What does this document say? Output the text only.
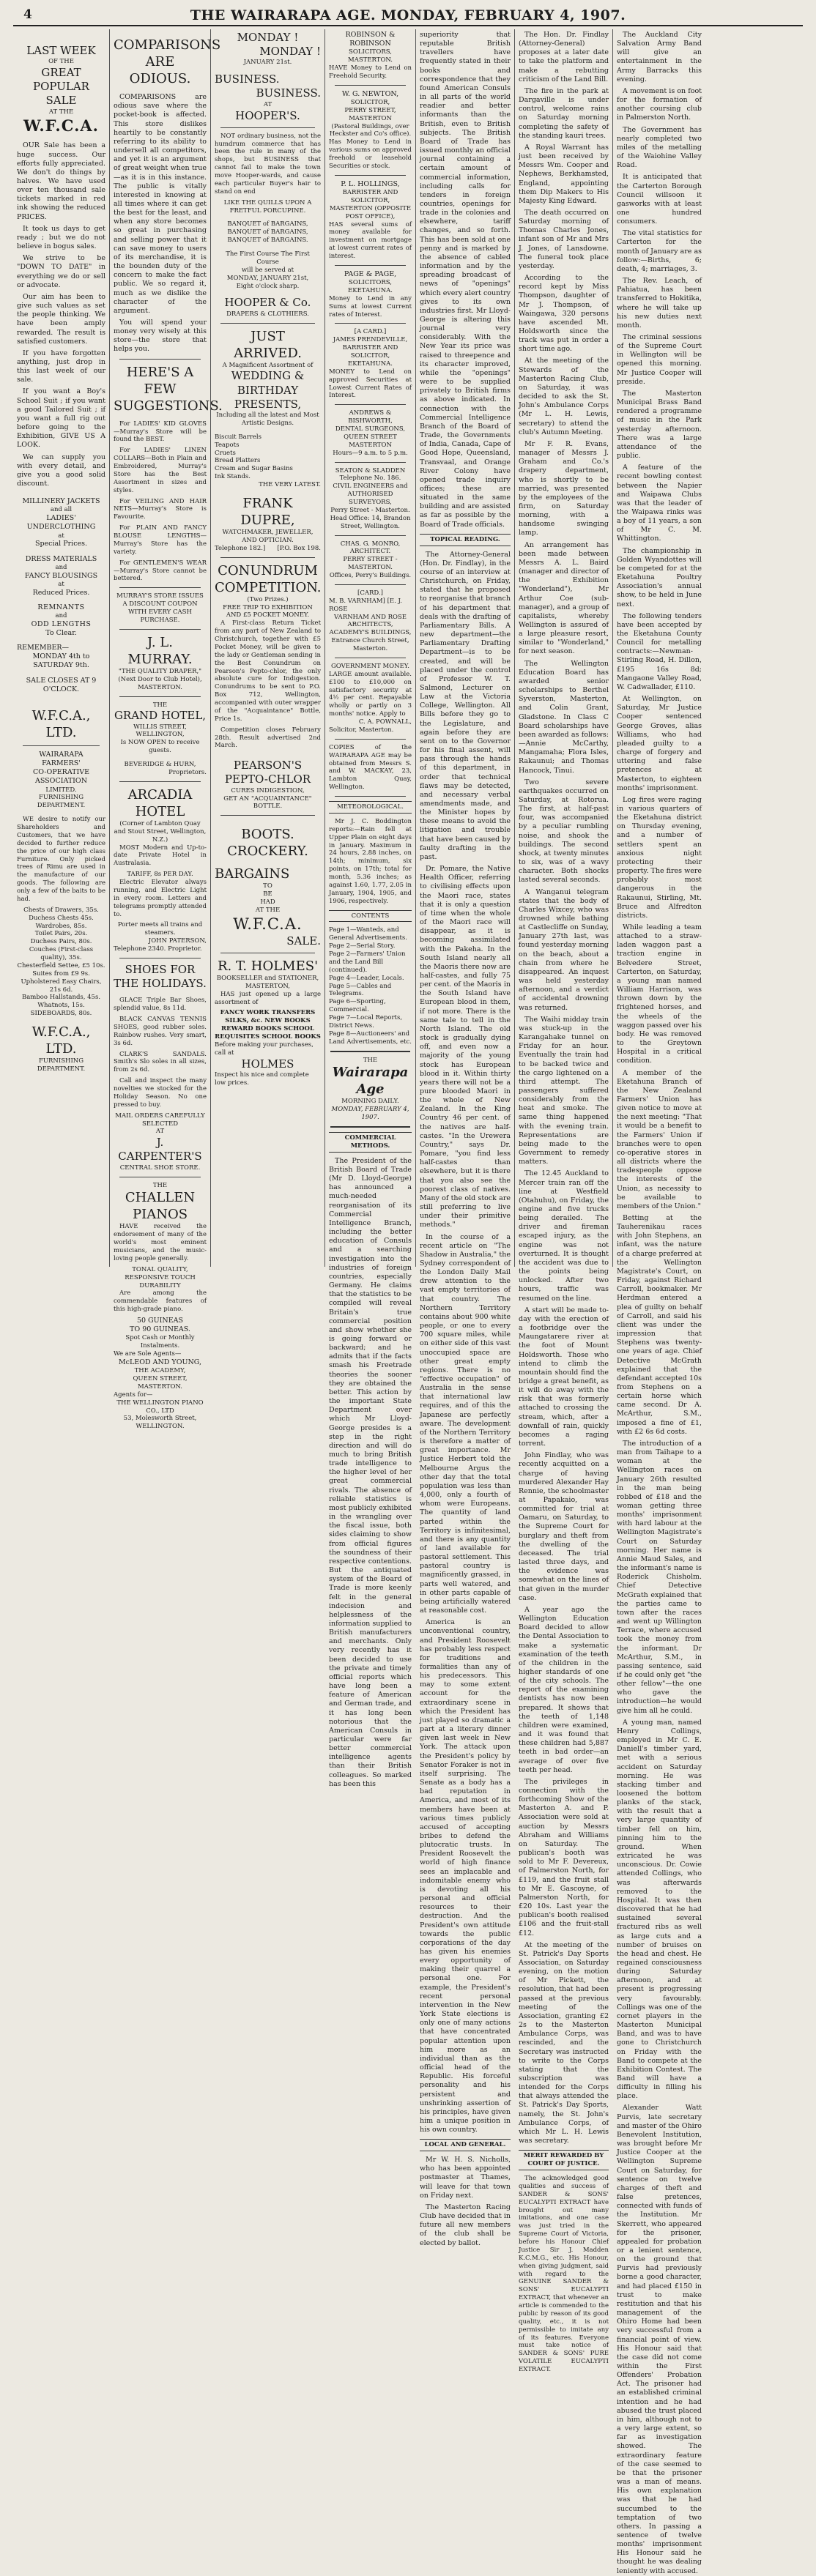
4	THE WAIRARAPA AGE. MONDAY, FEBRUARY 4, 1907.
LAST WEEK
OF THE
GREAT POPULAR
SALE
AT THE
W.F.C.A.

OUR Sale has been a huge success. Our efforts fully appreciated. We don't do things by halves. We have used over ten thousand sale tickets marked in red ink showing the reduced PRICES.

It took us days to get ready ; but we do not believe in bogus sales.

We strive to be "DOWN TO DATE" in everything we do or sell or advocate.

Our aim has been to give such values as set the people thinking. We have been amply rewarded. The result is satisfied customers.

If you have forgotten anything, just drop in this last week of our sale.

If you want a Boy's School Suit ; if you want a good Tailored Suit ; if you want a full rig out before going to the Exhibition, GIVE US A LOOK.

We can supply you with every detail, and give you a good solid discount.

MILLINERY JACKETS
and all
LADIES' UNDERCLOTHING
at
Special Prices.
DRESS MATERIALS
and
FANCY BLOUSINGS
at
Reduced Prices.
REMNANTS
and
ODD LENGTHS
To Clear.
REMEMBER—
MONDAY 4th to SATURDAY 9th.
SALE CLOSES AT 9 O'CLOCK.
W.F.C.A., LTD.
WAIRARAPA
FARMERS'
CO-OPERATIVE
ASSOCIATION
LIMITED.
FURNISHING DEPARTMENT.

WE desire to notify our Shareholders and Customers, that we have decided to further reduce the price of our high class Furniture. Only picked trees of Rimu are used in the manufacture of our goods. The following are only a few of the baits to be had.

Chests of Drawers, 35s.
Duchess Chests 45s.
Wardrobes, 85s.
Toilet Pairs, 20s.
Duchess Pairs, 80s.
Couches (First-class quality), 35s.
Chesterfield Settee, £5 10s.
Suites from £9 9s.
Upholstered Easy Chairs, 21s 6d.
Bamboo Hallstands, 45s.
Whatnots, 15s.
SIDEBOARDS, 80s.
W.F.C.A., LTD.
FURNISHING DEPARTMENT.
COMPARISONS ARE ODIOUS.

COMPARISONS are odious save where the pocket-book is affected. This store dislikes heartily to be constantly referring to its ability to undersell all competitors, and yet it is an argument of great weight when true—as it is in this instance. The public is vitally interested in knowing at all times where it can get the best for the least, and when any store becomes so great in purchasing and selling power that it can save money to users of its merchandise, it is the bounden duty of the concern to make the fact public. We so regard it, much as we dislike the character of the argument.

You will spend your money very wisely at this store—the store that helps you.

HERE'S A FEW SUGGESTIONS.

For LADIES' KID GLOVES—Murray's Store will be found the BEST.

For LADIES' LINEN COLLARS—Both in Plain and Embroidered, Murray's Store has the Best Assortment in sizes and styles.

For VEILING AND HAIR NETS—Murray's Store is Favourite.

For PLAIN AND FANCY BLOUSE LENGTHS—Murray's Store has the variety.

For GENTLEMEN'S WEAR—Murray's Store cannot be bettered.

MURRAY'S STORE ISSUES A DISCOUNT COUPON WITH EVERY CASH PURCHASE.
J. L. MURRAY.
"THE QUALITY DRAPER,"
(Next Door to Club Hotel),
MASTERTON.
THE
GRAND HOTEL,
WILLIS STREET, WELLINGTON,
Is NOW OPEN to receive guests.
BEVERIDGE & HURN,
Proprietors.
ARCADIA HOTEL
(Corner of Lambton Quay and Stout Street, Wellington, N.Z.)

MOST Modern and Up-to-date Private Hotel in Australasia.

TARIFF, 8s PER DAY.

Electric Elevator always running, and Electric Light in every room. Letters and telegrams promptly attended to.

Porter meets all trains and steamers.
JOHN PATERSON,
Telephone 2340. Proprietor.
SHOES FOR THE HOLIDAYS.

GLACE Triple Bar Shoes, splendid value, 8s 11d.

BLACK CANVAS TENNIS SHOES, good rubber soles. Rainbow rushes. Very smart, 3s 6d.

CLARK'S SANDALS. Smith's Slo soles in all sizes, from 2s 6d.

Call and inspect the many novelties we stocked for the Holiday Season. No one pressed to buy.

MAIL ORDERS CAREFULLY SELECTED
AT
J. CARPENTER'S
CENTRAL SHOE STORE.
THE
CHALLEN
PIANOS

HAVE received the endorsement of many of the world's most eminent musicians, and the music-loving people generally.

TONAL QUALITY, RESPONSIVE TOUCH DURABILITY

Are among the commendable features of this high-grade piano.

50 GUINEAS
TO 90 GUINEAS.
Spot Cash or Monthly Instalments.
We are Sole Agents—
McLEOD AND YOUNG,
THE ACADEMY,
QUEEN STREET, MASTERTON.
Agents for—
THE WELLINGTON PIANO CO., LTD
53, Molesworth Street,
WELLINGTON.
MONDAY !
MONDAY !
JANUARY 21st.
BUSINESS.
BUSINESS.
AT
HOOPER'S.

NOT ordinary business, not the humdrum commerce that has been the rule in many of the shops, but BUSINESS that cannot fail to make the town move Hooper-wards, and cause each particular Buyer's hair to stand on end

LIKE THE QUILLS UPON A FRETFUL PORCUPINE.
BANQUET of BARGAINS, BANQUET of BARGAINS, BANQUET of BARGAINS.
The First Course The First Course
will be served at
MONDAY, JANUARY 21st,
Eight o'clock sharp.
HOOPER & Co.
DRAPERS & CLOTHIERS.
JUST ARRIVED.
A Magnificent Assortment of
WEDDING & BIRTHDAY PRESENTS,
Including all the latest and Most Artistic Designs.
Biscuit Barrels
Teapots
Cruets
Bread Platters
Cream and Sugar Basins
Ink Stands.
THE VERY LATEST.
FRANK DUPRE,
WATCHMAKER, JEWELLER, AND OPTICIAN.
Telephone 182.] [P.O. Box 198.
CONUNDRUM
COMPETITION.
(Two Prizes.)
FREE TRIP TO EXHIBITION AND £5 POCKET MONEY.

A First-class Return Ticket from any part of New Zealand to Christchurch, together with £5 Pocket Money, will be given to the lady or Gentleman sending in the Best Conundrum on Pearson's Pepto-chlor, the only absolute cure for Indigestion. Conundrums to be sent to P.O. Box 712, Wellington, accompanied with outer wrapper of the "Acquaintance" Bottle, Price 1s.

Competition closes February 28th. Result advertised 2nd March.

PEARSON'S
PEPTO-CHLOR
CURES INDIGESTION,
GET AN "ACQUAINTANCE" BOTTLE.
BOOTS.
CROCKERY.
BARGAINS
TO
BE
HAD
AT THE
W.F.C.A.
SALE.
R. T. HOLMES'
BOOKSELLER and STATIONER,
MASTERTON,

HAS just opened up a large assortment of

FANCY WORK TRANSFERS SILKS, &c. NEW BOOKS REWARD BOOKS SCHOOL REQUISITES SCHOOL BOOKS
Before making your purchases, call at
HOLMES
Inspect his nice and complete low prices.
ROBINSON & ROBINSON
SOLICITORS,
MASTERTON.
HAVE Money to Lend on Freehold Security.
W. G. NEWTON,
SOLICITOR,
PERRY STREET, MASTERTON
(Pastoral Buildings, over Heckster and Co's office).
Has Money to Lend in various sums on approved freehold or leasehold Securities or stock.
P. L. HOLLINGS,
BARRISTER AND SOLICITOR,
MASTERTON (OPPOSITE POST OFFICE),
HAS several sums of money available for investment on mortgage at lowest current rates of interest.
PAGE & PAGE,
SOLICITORS, EKETAHUNA.
Money to Lend in any Sums at lowest Current rates of Interest.
[A CARD.]
JAMES PRENDEVILLE,
BARRISTER AND SOLICITOR,
EKETAHUNA.
MONEY to Lend on approved Securities at Lowest Current Rates of Interest.
ANDREWS & BISHWORTH,
DENTAL SURGEONS,
QUEEN STREET MASTERTON
Hours—9 a.m. to 5 p.m.
SEATON & SLADDEN
Telephone No. 186.
CIVIL ENGINEERS and AUTHORISED SURVEYORS,
Perry Street - Masterton.
Head Office: 14, Brandon Street, Wellington.
CHAS. G. MONRO,
ARCHITECT.
PERRY STREET - MASTERTON.
Offices, Perry's Buildings.
[CARD.]
M. B. VARNHAM] [E. J. ROSE
VARNHAM AND ROSE
ARCHITECTS,
ACADEMY'S BUILDINGS,
Entrance Church Street, Masterton.
GOVERNMENT MONEY.
LARGE amount available. £100 to £10,000 on satisfactory security at 4½ per cent. Repayable wholly or partly on 3 months' notice. Apply to
C. A. POWNALL,
Solicitor, Masterton.
COPIES of the WAIRARAPA AGE may be obtained from Messrs S. and W. MACKAY, 23, Lambton Quay, Wellington.
METEOROLOGICAL.

Mr J. C. Boddington reports:—Rain fell at Upper Plain on eight days in January. Maximum in 24 hours, 2.88 inches, on 14th; minimum, six points, on 17th; total for month, 5.36 inches; as against 1.60, 1.77, 2.05 in January, 1904, 1905, and 1906, respectively.

CONTENTS
Page 1—Wanteds, and General Advertisements.
Page 2—Serial Story.
Page 2—Farmers' Union and the Land Bill (continued).
Page 4—Leader, Locals.
Page 5—Cables and Telegrams.
Page 6—Sporting, Commercial.
Page 7—Local Reports, District News.
Page 8—Auctioneers' and Land Advertisements, etc.
THE
Wairarapa Age
MORNING DAILY.
MONDAY, FEBRUARY 4, 1907.
COMMERCIAL METHODS.

The President of the British Board of Trade (Mr D. Lloyd-George) has announced a much-needed reorganisation of its Commercial Intelligence Branch, including the better education of Consuls and a searching investigation into the industries of foreign countries, especially Germany. He claims that the statistics to be compiled will reveal Britain's true commercial position and show whether she is going forward or backward; and he admits that if the facts smash his Freetrade theories the sooner they are obtained the better. This action by the important State Department over which Mr Lloyd-George presides is a step in the right direction and will do much to bring British trade intelligence to the higher level of her great commercial rivals. The absence of reliable statistics is most publicly exhibited in the wrangling over the fiscal issue, both sides claiming to show from official figures the soundness of their respective contentions. But the antiquated system of the Board of Trade is more keenly felt in the general indecision and helplessness of the information supplied to British manufacturers and merchants. Only very recently has it been decided to use the private and timely official reports which have long been a feature of American and German trade, and it has long been notorious that the American Consuls in particular were far better commercial intelligence agents than their British colleagues. So marked has been this

superiority that reputable British travellers have frequently stated in their books and correspondence that they found American Consuls in all parts of the world readier and better informants than the British, even to British subjects. The British Board of Trade has issued monthly an official journal containing a certain amount of commercial information, including calls for tenders in foreign countries, openings for trade in the colonies and elsewhere, tariff changes, and so forth. This has been sold at one penny and is marked by the absence of cabled information and by the spreading broadcast of news of "openings" which every alert country gives to its own industries first. Mr Lloyd-George is altering this journal very considerably. With the New Year its price was raised to threepence and its character improved, while the "openings" were to be supplied privately to British firms as above indicated. In connection with the Commercial Intelligence Branch of the Board of Trade, the Governments of India, Canada, Cape of Good Hope, Queensland, Transvaal, and Orange River Colony have opened trade inquiry offices; these are situated in the same building and are assisted as far as possible by the Board of Trade officials.

TOPICAL READING.

The Attorney-General (Hon. Dr. Findlay), in the course of an interview at Christchurch, on Friday, stated that he proposed to reorganise that branch of his department that deals with the drafting of Parliamentary Bills. A new department—the Parliamentary Drafting Department—is to be created, and will be placed under the control of Professor W. T. Salmond, Lecturer on Law at the Victoria College, Wellington. All Bills before they go to the Legislature, and again before they are sent on to the Governor for his final assent, will pass through the hands of this department, in order that technical flaws may be detected, and necessary verbal amendments made, and the Minister hopes by these means to avoid the litigation and trouble that have been caused by faulty drafting in the past.

Dr. Pomare, the Native Health Officer, referring to civilising effects upon the Maori race, states that it is only a question of time when the whole of the Maori race will disappear, as it is becoming assimilated with the Pakeha. In the South Island nearly all the Maoris there now are half-castes, and fully 75 per cent. of the Maoris in the South Island have European blood in them, if not more. There is the same tale to tell in the North Island. The old stock is gradually dying off, and even now a majority of the young stock has European blood in it. Within thirty years there will not be a pure blooded Maori in the whole of New Zealand. In the King Country 46 per cent. of the natives are half-castes. "In the Urewera Country," says Dr. Pomare, "you find less half-castes than elsewhere, but it is there that you also see the poorest class of natives. Many of the old stock are still preferring to live under their primitive methods."

In the course of a recent article on "The Shadow in Australia," the Sydney correspondent of the London Daily Mail drew attention to the vast empty territories of that country. The Northern Territory contains about 900 white people, or one to every 700 square miles, while on either side of this vast unoccupied space are other great empty regions. There is no "effective occupation" of Australia in the sense that international law requires, and of this the Japanese are perfectly aware. The development of the Northern Territory is therefore a matter of great importance. Mr Justice Herbert told the Melbourne Argus the other day that the total population was less than 4,000, only a fourth of whom were Europeans. The quantity of land parted within the Territory is infinitesimal, and there is any quantity of land available for pastoral settlement. This pastoral country is magnificently grassed, in parts well watered, and in other parts capable of being artificially watered at reasonable cost.

America is an unconventional country, and President Roosevelt has probably less respect for traditions and formalities than any of his predecessors. This may to some extent account for the extraordinary scene in which the President has just played so dramatic a part at a literary dinner given last week in New York. The attack upon the President's policy by Senator Foraker is not in itself surprising. The Senate as a body has a bad reputation in America, and most of its members have been at various times publicly accused of accepting bribes to defend the plutocratic trusts. In President Roosevelt the world of high finance sees an implacable and indomitable enemy who is devoting all his personal and official resources to their destruction. And the President's own attitude towards the public corporations of the day has given his enemies every opportunity of making their quarrel a personal one. For example, the President's recent personal intervention in the New York State elections is only one of many actions that have concentrated popular attention upon him more as an individual than as the official head of the Republic. His forceful personality and his persistent and unshrinking assertion of his principles, have given him a unique position in his own country.

LOCAL AND GENERAL.

Mr W. H. S. Nicholls, who has been appointed postmaster at Thames, will leave for that town on Friday next.

The Masterton Racing Club have decided that in future all new members of the club shall be elected by ballot.

The Hon. Dr. Findlay (Attorney-General) proposes at a later date to take the platform and make a rebutting criticism of the Land Bill.

The fire in the park at Dargaville is under control, welcome rains on Saturday morning completing the safety of the standing kauri trees.

A Royal Warrant has just been received by Messrs Wm. Cooper and Nephews, Berkhamsted, England, appointing them Dip Makers to His Majesty King Edward.

The death occurred on Saturday morning of Thomas Charles Jones, infant son of Mr and Mrs J. Jones, of Lansdowne. The funeral took place yesterday.

According to the record kept by Miss Thompson, daughter of Mr J. Thompson, of Waingawa, 320 persons have ascended Mt. Holdsworth since the track was put in order a short time ago.

At the meeting of the Stewards of the Masterton Racing Club, on Saturday, it was decided to ask the St. John's Ambulance Corps (Mr L. H. Lewis, secretary) to attend the club's Autumn Meeting.

Mr F. R. Evans, manager of Messrs J. Graham and Co.'s drapery department, who is shortly to be married, was presented by the employees of the firm, on Saturday morning, with a handsome swinging lamp.

An arrangement has been made between Messrs A. L. Baird (manager and director of the Exhibition "Wonderland"), Mr Arthur Coe (sub-manager), and a group of capitalists, whereby Wellington is assured of a large pleasure resort, similar to "Wonderland," for next season.

The Wellington Education Board has awarded senior scholarships to Berthel Syverston, Masterton, and Colin Grant, Gladstone. In Class C Board scholarships have been awarded as follows:—Annie McCarthy, Mangamaha; Flora Isles, Rakaunui; and Thomas Hancock, Tinui.

Two severe earthquakes occurred on Saturday, at Rotorua. The first, at half-past four, was accompanied by a peculiar rumbling noise, and shook the buildings. The second shock, at twenty minutes to six, was of a wavy character. Both shocks lasted several seconds.

A Wanganui telegram states that the body of Charles Wixcey, who was drowned while bathing at Castlecliffe on Sunday, January 27th last, was found yesterday morning on the beach, about a chain from where he disappeared. An inquest was held yesterday afternoon, and a verdict of accidental drowning was returned.

The Waihi midday train was stuck-up in the Karangahake tunnel on Friday for an hour. Eventually the train had to be backed twice and the cargo lightened on a third attempt. The passengers suffered considerably from the heat and smoke. The same thing happened with the evening train. Representations are being made to the Government to remedy matters.

The 12.45 Auckland to Mercer train ran off the line at Westfield (Otahuhu), on Friday, the engine and five trucks being derailed. The driver and fireman escaped injury, as the engine was not overturned. It is thought the accident was due to the points being unlocked. After two hours, traffic was resumed on the line.

A start will be made to-day with the erection of a footbridge over the Maungatarere river at the foot of Mount Holdsworth. Those who intend to climb the mountain should find the bridge a great benefit, as it will do away with the risk that was formerly attached to crossing the stream, which, after a downfall of rain, quickly becomes a raging torrent.

John Findlay, who was recently acquitted on a charge of having murdered Alexander Hay Rennie, the schoolmaster at Papakaio, was committed for trial at Oamaru, on Saturday, to the Supreme Court for burglary and theft from the dwelling of the deceased. The trial lasted three days, and the evidence was somewhat on the lines of that given in the murder case.

A year ago the Wellington Education Board decided to allow the Dental Association to make a systematic examination of the teeth of the children in the higher standards of one of the city schools. The report of the examining dentists has now been prepared. It shows that the teeth of 1,148 children were examined, and it was found that these children had 5,887 teeth in bad order—an average of over five teeth per head.

The privileges in connection with the forthcoming Show of the Masterton A. and P. Association were sold at auction by Messrs Abraham and Williams on Saturday. The publican's booth was sold to Mr F. Devereux, of Palmerston North, for £119, and the fruit stall to Mr E. Gascoyne, of Palmerston North, for £20 10s. Last year the publican's booth realised £106 and the fruit-stall £12.

At the meeting of the St. Patrick's Day Sports Association, on Saturday evening, on the motion of Mr Pickett, the resolution, that had been passed at the previous meeting of the Association, granting £2 2s to the Masterton Ambulance Corps, was rescinded, and the Secretary was instructed to write to the Corps stating that the subscription was intended for the Corps that always attended the St. Patrick's Day Sports, namely, the St. John's Ambulance Corps, of which Mr L. H. Lewis was secretary.

MERIT REWARDED BY COURT OF JUSTICE.

The acknowledged good qualities and success of SANDER & SONS' EUCALYPTI EXTRACT have brought out many imitations, and one case was just tried in the Supreme Court of Victoria, before his Honour Chief Justice Sir J. Madden K.C.M.G., etc. His Honour, when giving judgment, said with regard to the GENUINE SANDER & SONS' EUCALYPTI EXTRACT, that whenever an article is commended to the public by reason of its good quality, etc., it is not permissible to imitate any of its features. Everyone must take notice of SANDER & SONS' PURE VOLATILE EUCALYPTI EXTRACT.

The Auckland City Salvation Army Band will give an entertainment in the Army Barracks this evening.

A movement is on foot for the formation of another coursing club in Palmerston North.

The Government has nearly completed two miles of the metalling of the Waiohine Valley Road.

It is anticipated that the Carterton Borough Council willsoon it gasworks with at least one hundred consumers.

The vital statistics for Carterton for the month of January are as follow:—Births, 6; death, 4; marriages, 3.

The Rev. Leach, of Pahiatua, has been transferred to Hokitika, where he will take up his new duties next month.

The criminal sessions of the Supreme Court in Wellington will be opened this morning. Mr Justice Cooper will preside.

The Masterton Municipal Brass Band rendered a programme of music in the Park yesterday afternoon. There was a large attendance of the public.

A feature of the recent bowling contest between the Napier and Waipawa Clubs was that the leader of the Waipawa rinks was a boy of 11 years, a son of Mr C. M. Whittington.

The championship in Golden Wyandottes will be competed for at the Eketahuna Poultry Association's annual show, to be held in June next.

The following tenders have been accepted by the Eketahuna County Council for metalling contracts:—Newman-Stirling Road, H. Dillon, £195 16s 8d; Mangaone Valley Road, W. Cadwallader, £110.

At Wellington, on Saturday, Mr Justice Cooper sentenced George Groves, alias Williams, who had pleaded guilty to a charge of forgery and uttering and false pretences at Masterton, to eighteen months' imprisonment.

Log fires were raging in various quarters of the Eketahuna district on Thursday evening, and a number of settlers spent an anxious night protecting their property. The fires were probably most dangerous in the Rakaunui, Stirling, Mt. Bruce and Alfredton districts.

While leading a team attached to a straw-laden waggon past a traction engine in Belvedere Street, Carterton, on Saturday, a young man named William Harrison, was thrown down by the frightened horses, and the wheels of the waggon passed over his body. He was removed to the Greytown Hospital in a critical condition.

A member of the Eketahuna Branch of the New Zealand Farmers' Union has given notice to move at the next meeting: "That it would be a benefit to the Farmers' Union if branches were to open co-operative stores in all districts where the tradespeople oppose the interests of the Union, as necessity to be available to members of the Union."

Betting at the Tauherenikau races with John Stephens, an infant, was the nature of a charge preferred at the Wellington Magistrate's Court, on Friday, against Richard Carroll, bookmaker. Mr Herdman entered a plea of guilty on behalf of Carroll, and said his client was under the impression that Stephens was twenty-one years of age. Chief Detective McGrath explained that the defendant accepted 10s from Stephens on a certain horse which came second. Dr A. McArthur, S.M., imposed a fine of £1, with £2 6s 6d costs.

The introduction of a man from Taihape to a woman at the Wellington races on January 26th resulted in the man being robbed of £18 and the woman getting three months' imprisonment with hard labour at the Wellington Magistrate's Court on Saturday morning. Her name is Annie Maud Sales, and the informant's name is Roderick Chisholm. Chief Detective McGrath explained that the parties came to town after the races and went up Willington Terrace, where accused took the money from the informant. Dr McArthur, S.M., in passing sentence, said if he could only get "the other fellow"—the one who gave the introduction—he would give him all he could.

A young man, named Henry Collings, employed in Mr C. E. Daniell's timber yard, met with a serious accident on Saturday morning. He was stacking timber and loosened the bottom planks of the stack, with the result that a very large quantity of timber fell on him, pinning him to the ground. When extricated he was unconscious. Dr. Cowie attended Collings, who was afterwards removed to the Hospital. It was then discovered that he had sustained several fractured ribs as well as large cuts and a number of bruises on the head and chest. He regained consciousness during Saturday afternoon, and at present is progressing very favourably. Collings was one of the cornet players in the Masterton Municipal Band, and was to have gone to Christchurch on Friday with the Band to compete at the Exhibition Contest. The Band will have a difficulty in filling his place.

Alexander Watt Purvis, late secretary and master of the Ohiro Benevolent Institution, was brought before Mr Justice Cooper at the Wellington Supreme Court on Saturday, for sentence on twelve charges of theft and false pretences, connected with funds of the Institution. Mr Skerrett, who appeared for the prisoner, appealed for probation or a lenient sentence, on the ground that Purvis had previously borne a good character, and had placed £150 in trust to make restitution and that his management of the Ohiro Home had been very successful from a financial point of view. His Honour said that the case did not come within the First Offenders' Probation Act. The prisoner had an established criminal intention and he had abused the trust placed in him, although not to a very large extent, so far as investigation showed. The extraordinary feature of the case seemed to be that the prisoner was a man of means. His own explanation was that he had succumbed to the temptation of two others. In passing a sentence of twelve months' imprisonment His Honour said he thought he was dealing leniently with accused.
